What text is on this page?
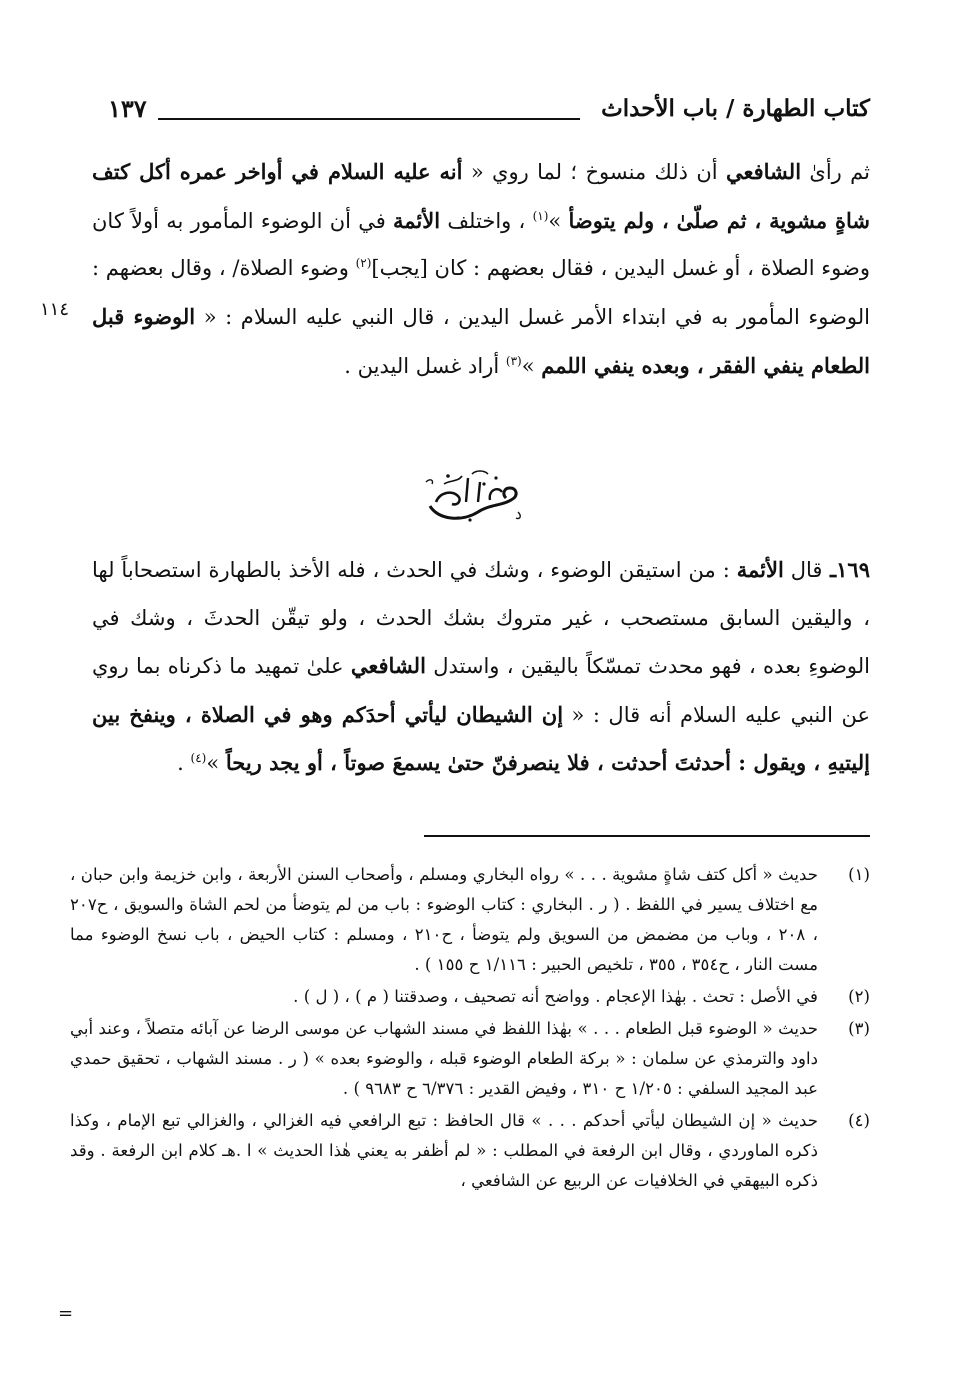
كتاب الطهارة / باب الأحداث
١٣٧
ثم رأىٰ الشافعي أن ذلك منسوخ ؛ لما روي « أنه عليه السلام في أواخر عمره أكل كتف شاةٍ مشوية ، ثم صلّىٰ ، ولم يتوضأ »$^{(١)}$ ، واختلف الأئمة في أن الوضوء المأمور به أولاً كان وضوء الصلاة ، أو غسل اليدين ، فقال بعضهم : كان [يجب]$^{(٢)}$ وضوء الصلاة/ ، وقال بعضهم : الوضوء المأمور به في ابتداء الأمر غسل اليدين ، قال النبي عليه السلام : « الوضوء قبل الطعام ينفي الفقر ، وبعده ينفي اللمم »$^{(٣)}$ أراد غسل اليدين .
١١٤
١٦٩ـ قال الأئمة : من استيقن الوضوء ، وشك في الحدث ، فله الأخذ بالطهارة استصحاباً لها ، واليقين السابق مستصحب ، غير متروك بشك الحدث ، ولو تيقّن الحدثَ ، وشك في الوضوءِ بعده ، فهو محدث تمسّكاً باليقين ، واستدل الشافعي علىٰ تمهيد ما ذكرناه بما روي عن النبي عليه السلام أنه قال : « إن الشيطان ليأتي أحدَكم وهو في الصلاة ، وينفخ بين إليتيهِ ، ويقول : أحدثتَ أحدثت ، فلا ينصرفنّ حتىٰ يسمعَ صوتاً ، أو يجد ريحاً »$^{(٤)}$ .
(١)
حديث « أكل كتف شاةٍ مشوية . . . » رواه البخاري ومسلم ، وأصحاب السنن الأربعة ، وابن خزيمة وابن حبان ، مع اختلاف يسير في اللفظ . ( ر . البخاري : كتاب الوضوء : باب من لم يتوضأ من لحم الشاة والسويق ، ح٢٠٧ ، ٢٠٨ ، وباب من مضمض من السويق ولم يتوضأ ، ح٢١٠ ، ومسلم : كتاب الحيض ، باب نسخ الوضوء مما مست النار ، ح٣٥٤ ، ٣٥٥ ، تلخيص الحبير : ١/١١٦ ح ١٥٥ ) .
(٢)
في الأصل : تحث . بهٰذا الإعجام . وواضح أنه تصحيف ، وصدقتنا ( م ) ، ( ل ) .
(٣)
حديث « الوضوء قبل الطعام . . . » بهٰذا اللفظ في مسند الشهاب عن موسى الرضا عن آبائه متصلاً ، وعند أبي داود والترمذي عن سلمان : « بركة الطعام الوضوء قبله ، والوضوء بعده » ( ر . مسند الشهاب ، تحقيق حمدي عبد المجيد السلفي : ١/٢٠٥ ح ٣١٠ ، وفيض القدير : ٦/٣٧٦ ح ٩٦٨٣ ) .
(٤)
حديث « إن الشيطان ليأتي أحدكم . . . » قال الحافظ : تبع الرافعي فيه الغزالي ، والغزالي تبع الإمام ، وكذا ذكره الماوردي ، وقال ابن الرفعة في المطلب : « لم أظفر به يعني هٰذا الحديث » ا .هـ كلام ابن الرفعة . وقد ذكره البيهقي في الخلافيات عن الربيع عن الشافعي ،
=
